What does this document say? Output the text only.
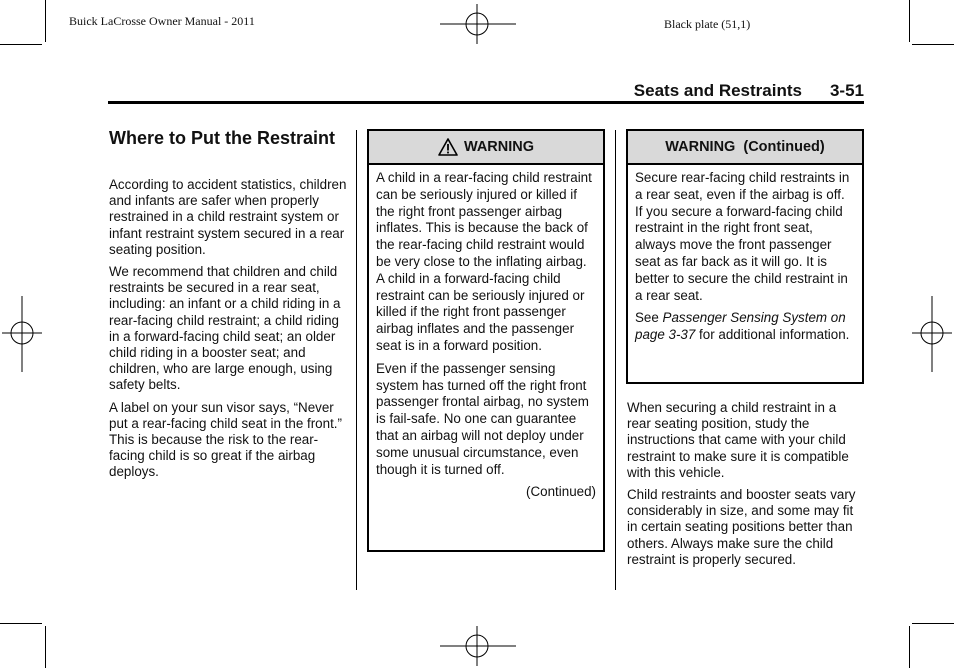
Buick LaCrosse Owner Manual - 2011	Black plate (51,1)
Seats and Restraints 3-51
Where to Put the Restraint

According to accident statistics, children and infants are safer when properly restrained in a child restraint system or infant restraint system secured in a rear seating position.

We recommend that children and child restraints be secured in a rear seat, including: an infant or a child riding in a rear-facing child restraint; a child riding in a forward-facing child seat; an older child riding in a booster seat; and children, who are large enough, using safety belts.

A label on your sun visor says, “Never put a rear-facing child seat in the front.” This is because the risk to the rear-facing child is so great if the airbag deploys.

WARNING

A child in a rear-facing child restraint can be seriously injured or killed if the right front passenger airbag inflates. This is because the back of the rear-facing child restraint would be very close to the inflating airbag. A child in a forward-facing child restraint can be seriously injured or killed if the right front passenger airbag inflates and the passenger seat is in a forward position.

Even if the passenger sensing system has turned off the right front passenger frontal airbag, no system is fail-safe. No one can guarantee that an airbag will not deploy under some unusual circumstance, even though it is turned off.

(Continued)

WARNING  (Continued)

Secure rear-facing child restraints in a rear seat, even if the airbag is off. If you secure a forward-facing child restraint in the right front seat, always move the front passenger seat as far back as it will go. It is better to secure the child restraint in a rear seat.

See Passenger Sensing System on page 3-37 for additional information.

When securing a child restraint in a rear seating position, study the instructions that came with your child restraint to make sure it is compatible with this vehicle.

Child restraints and booster seats vary considerably in size, and some may fit in certain seating positions better than others. Always make sure the child restraint is properly secured.
